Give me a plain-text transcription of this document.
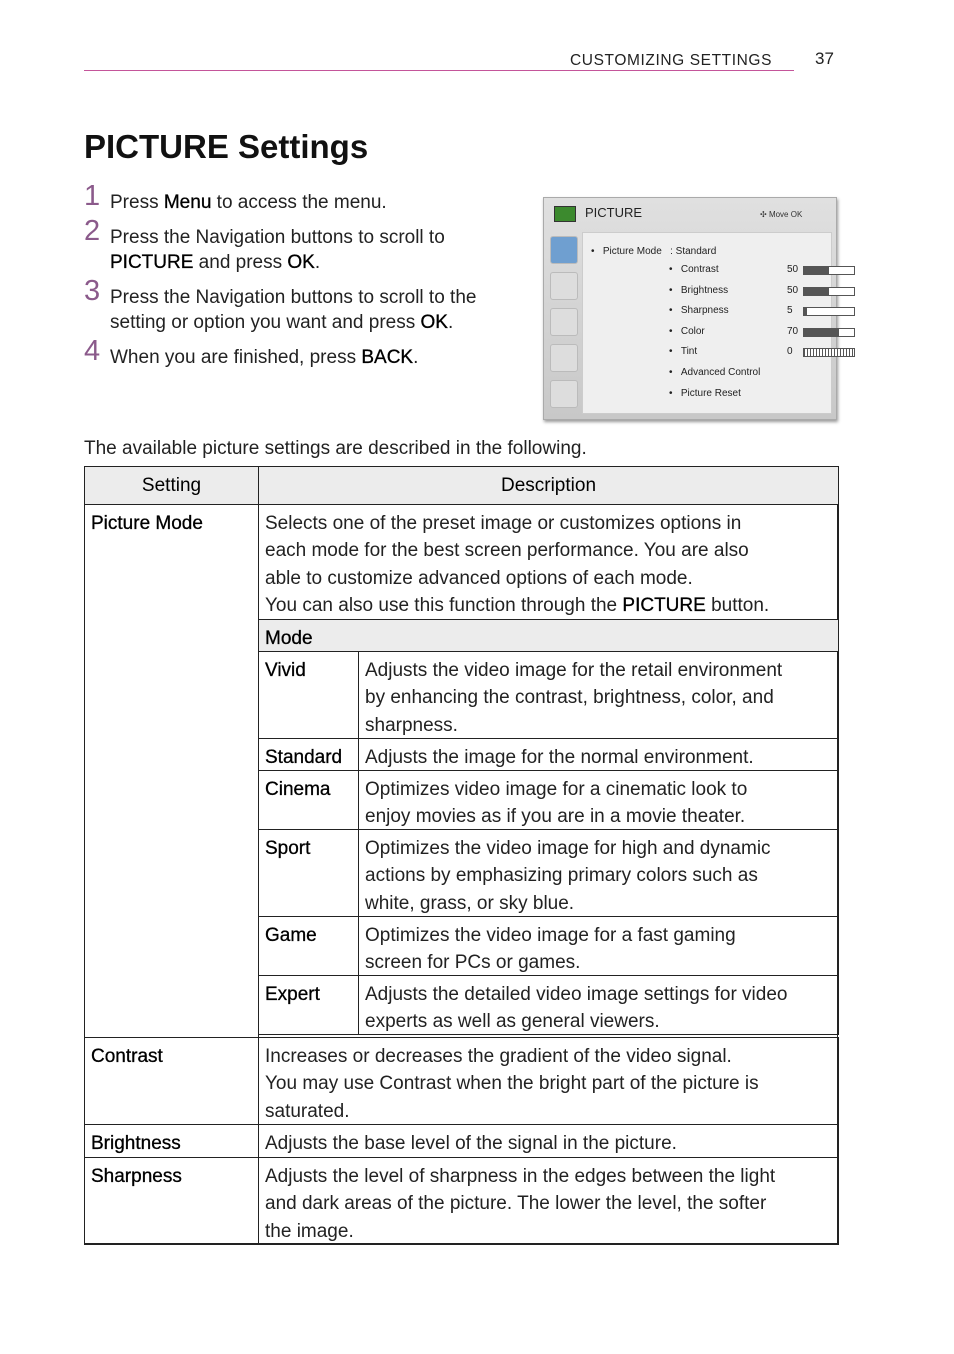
CUSTOMIZING SETTINGS	37
PICTURE Settings
1 Press Menu to access the menu.
2 Press the Navigation buttons to scroll to PICTURE and press OK.
3 Press the Navigation buttons to scroll to the setting or option you want and press OK.
4 When you are finished, press BACK.
PICTURE	✣ Move OK
•   Picture Mode : Standard
•   Contrast	50
•   Brightness	50
•   Sharpness	5
•   Color	70
•   Tint	0
•   Advanced Control
•   Picture Reset
The available picture settings are described in the following.
Setting	Description
Picture Mode	Selects one of the preset image or customizes options in
each mode for the best screen performance. You are also
able to customize advanced options of each mode.
You can also use this function through the PICTURE button.
Mode
Vivid	Adjusts the video image for the retail environment
by enhancing the contrast, brightness, color, and
sharpness.
Standard	Adjusts the image for the normal environment.
Cinema	Optimizes video image for a cinematic look to
enjoy movies as if you are in a movie theater.
Sport	Optimizes the video image for high and dynamic
actions by emphasizing primary colors such as
white, grass, or sky blue.
Game	Optimizes the video image for a fast gaming
screen for PCs or games.
Expert	Adjusts the detailed video image settings for video
experts as well as general viewers.
Contrast	Increases or decreases the gradient of the video signal.
You may use Contrast when the bright part of the picture is
saturated.
Brightness	Adjusts the base level of the signal in the picture.
Sharpness	Adjusts the level of sharpness in the edges between the light
and dark areas of the picture. The lower the level, the softer
the image.
